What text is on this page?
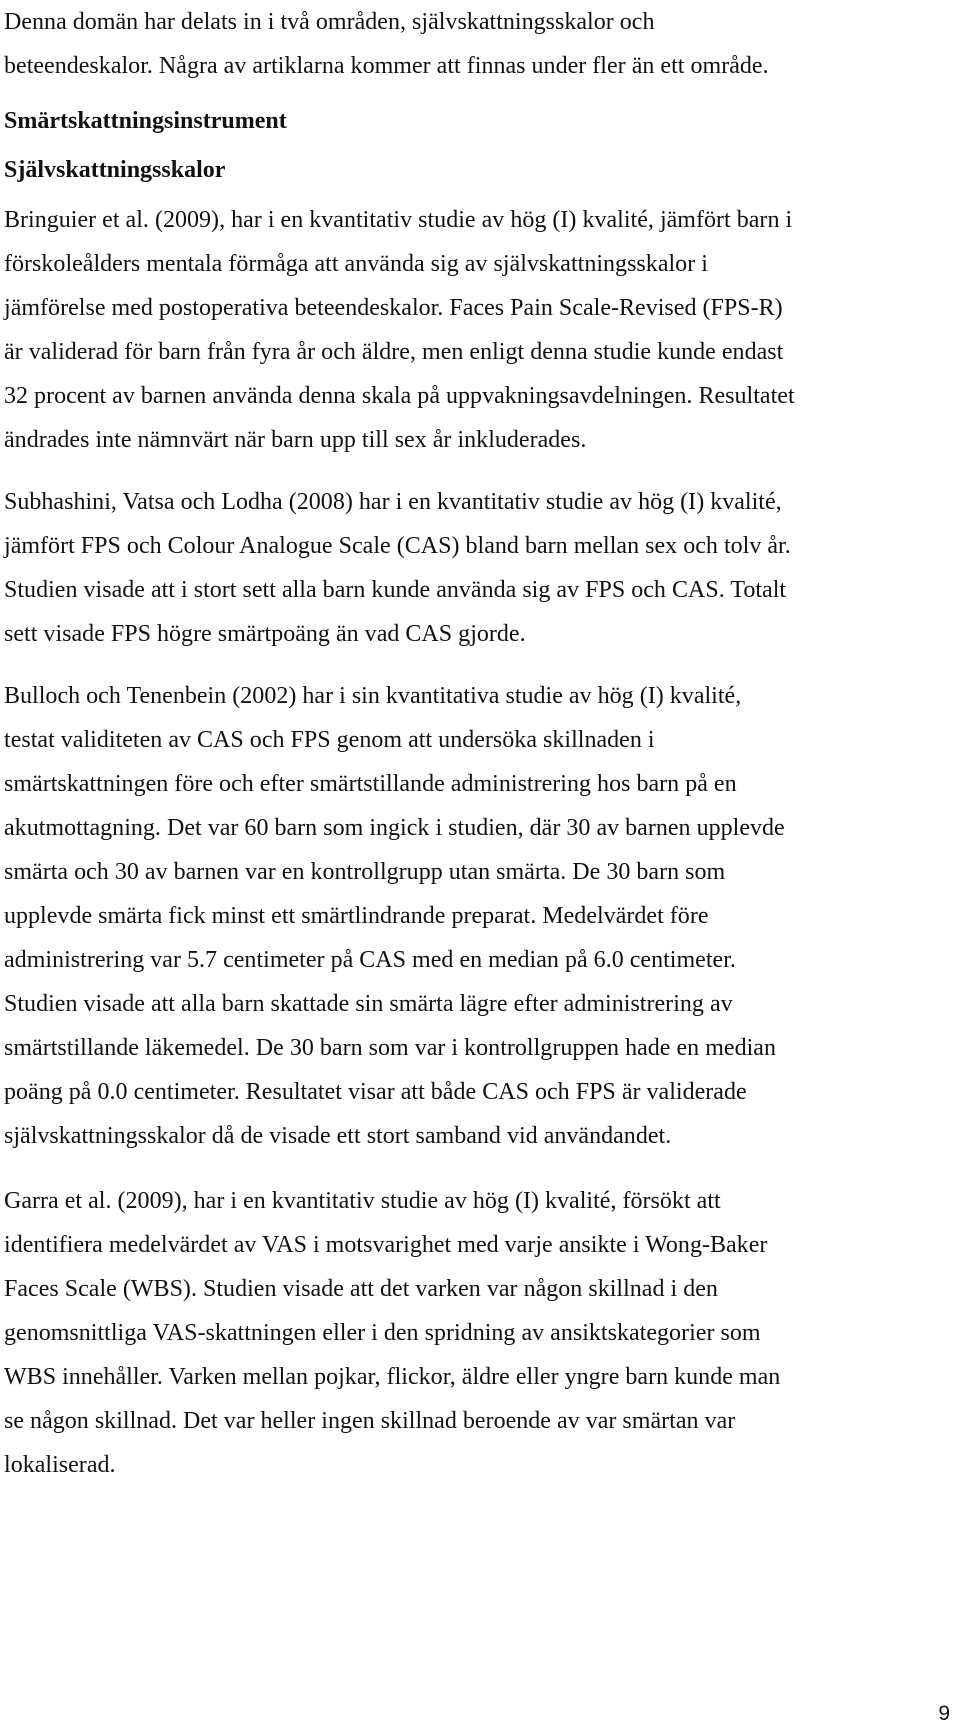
Denna domän har delats in i två områden, självskattningsskalor och
beteendeskalor. Några av artiklarna kommer att finnas under fler än ett område.
Smärtskattningsinstrument
Självskattningsskalor
Bringuier et al. (2009), har i en kvantitativ studie av hög (I) kvalité, jämfört barn i
förskoleålders mentala förmåga att använda sig av självskattningsskalor i
jämförelse med postoperativa beteendeskalor. Faces Pain Scale-Revised (FPS-R)
är validerad för barn från fyra år och äldre, men enligt denna studie kunde endast
32 procent av barnen använda denna skala på uppvakningsavdelningen. Resultatet
ändrades inte nämnvärt när barn upp till sex år inkluderades.
Subhashini, Vatsa och Lodha (2008) har i en kvantitativ studie av hög (I) kvalité,
jämfört FPS och Colour Analogue Scale (CAS) bland barn mellan sex och tolv år.
Studien visade att i stort sett alla barn kunde använda sig av FPS och CAS. Totalt
sett visade FPS högre smärtpoäng än vad CAS gjorde.
Bulloch och Tenenbein (2002) har i sin kvantitativa studie av hög (I) kvalité,
testat validiteten av CAS och FPS genom att undersöka skillnaden i
smärtskattningen före och efter smärtstillande administrering hos barn på en
akutmottagning. Det var 60 barn som ingick i studien, där 30 av barnen upplevde
smärta och 30 av barnen var en kontrollgrupp utan smärta. De 30 barn som
upplevde smärta fick minst ett smärtlindrande preparat. Medelvärdet före
administrering var 5.7 centimeter på CAS med en median på 6.0 centimeter.
Studien visade att alla barn skattade sin smärta lägre efter administrering av
smärtstillande läkemedel. De 30 barn som var i kontrollgruppen hade en median
poäng på 0.0 centimeter. Resultatet visar att både CAS och FPS är validerade
självskattningsskalor då de visade ett stort samband vid användandet.
Garra et al. (2009), har i en kvantitativ studie av hög (I) kvalité, försökt att
identifiera medelvärdet av VAS i motsvarighet med varje ansikte i Wong-Baker
Faces Scale (WBS). Studien visade att det varken var någon skillnad i den
genomsnittliga VAS-skattningen eller i den spridning av ansiktskategorier som
WBS innehåller. Varken mellan pojkar, flickor, äldre eller yngre barn kunde man
se någon skillnad. Det var heller ingen skillnad beroende av var smärtan var
lokaliserad.
9
